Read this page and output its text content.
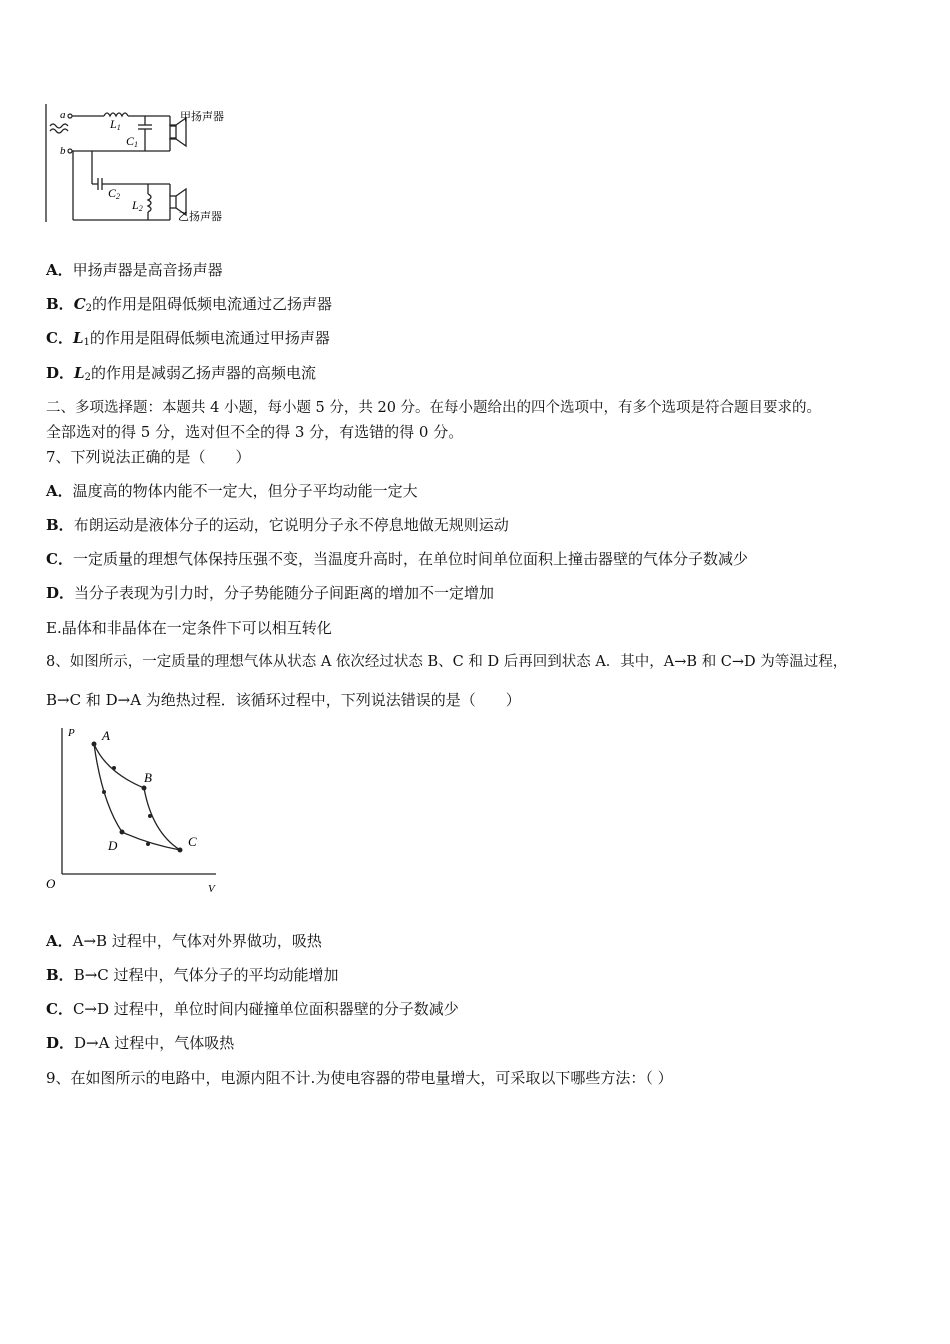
a
b
L1
C1
C2
L2
甲扬声器
乙扬声器
A．甲扬声器是高音扬声器
B．$C_2$的作用是阻碍低频电流通过乙扬声器
C．$L_1$的作用是阻碍低频电流通过甲扬声器
D．$L_2$的作用是减弱乙扬声器的高频电流
二、多项选择题：本题共 4 小题，每小题 5 分，共 20 分。在每小题给出的四个选项中，有多个选项是符合题目要求的。
全部选对的得 5 分，选对但不全的得 3 分，有选错的得 0 分。
7、下列说法正确的是（　　）
A．温度高的物体内能不一定大，但分子平均动能一定大
B．布朗运动是液体分子的运动，它说明分子永不停息地做无规则运动
C．一定质量的理想气体保持压强不变，当温度升高时，在单位时间单位面积上撞击器壁的气体分子数减少
D．当分子表现为引力时，分子势能随分子间距离的增加不一定增加
E.晶体和非晶体在一定条件下可以相互转化
8、如图所示，一定质量的理想气体从状态 A 依次经过状态 B、C 和 D 后再回到状态 A．其中，A→B 和 C→D 为等温过程，
B→C 和 D→A 为绝热过程．该循环过程中，下列说法错误的是（　　）
P
V
O
A
B
C
D
A．A→B 过程中，气体对外界做功，吸热
B．B→C 过程中，气体分子的平均动能增加
C．C→D 过程中，单位时间内碰撞单位面积器壁的分子数减少
D．D→A 过程中，气体吸热
9、在如图所示的电路中，电源内阻不计.为使电容器的带电量增大，可采取以下哪些方法：（ ）
